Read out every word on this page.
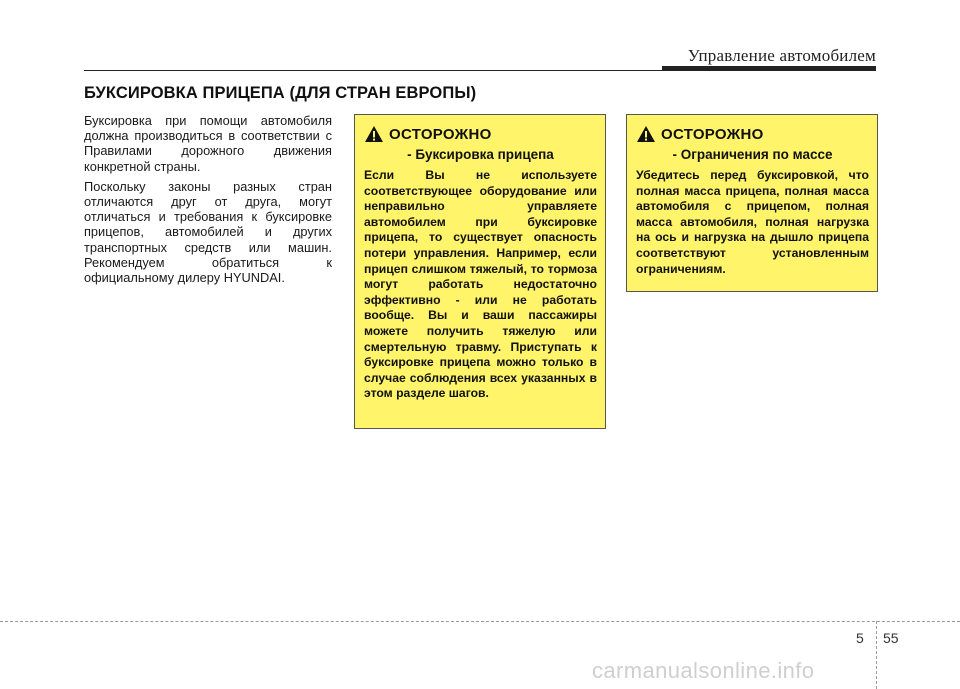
Управление автомобилем
БУКСИРОВКА ПРИЦЕПА (ДЛЯ СТРАН ЕВРОПЫ)

Буксировка при помощи автомобиля должна производиться в соответствии с Правилами дорожного движения конкретной страны.

Поскольку законы разных стран отличаются друг от друга, могут отличаться и требования к буксировке прицепов, автомобилей и других транспортных средств или машин. Рекомендуем обратиться к официальному дилеру HYUNDAI.

ОСТОРОЖНО
- Буксировка прицепа
Если Вы не используете соответствующее оборудование или неправильно управляете автомобилем при буксировке прицепа, то существует опасность потери управления. Например, если прицеп слишком тяжелый, то тормоза могут работать недостаточно эффективно - или не работать вообще. Вы и ваши пассажиры можете получить тяжелую или смертельную травму. Приступать к буксировке прицепа можно только в случае соблюдения всех указанных в этом разделе шагов.
ОСТОРОЖНО
- Ограничения по массе
Убедитесь перед буксировкой, что полная масса прицепа, полная масса автомобиля с прицепом, полная масса автомобиля, полная нагрузка на ось и нагрузка на дышло прицепа соответствуют установленным ограничениям.
5 55
carmanualsonline.info
